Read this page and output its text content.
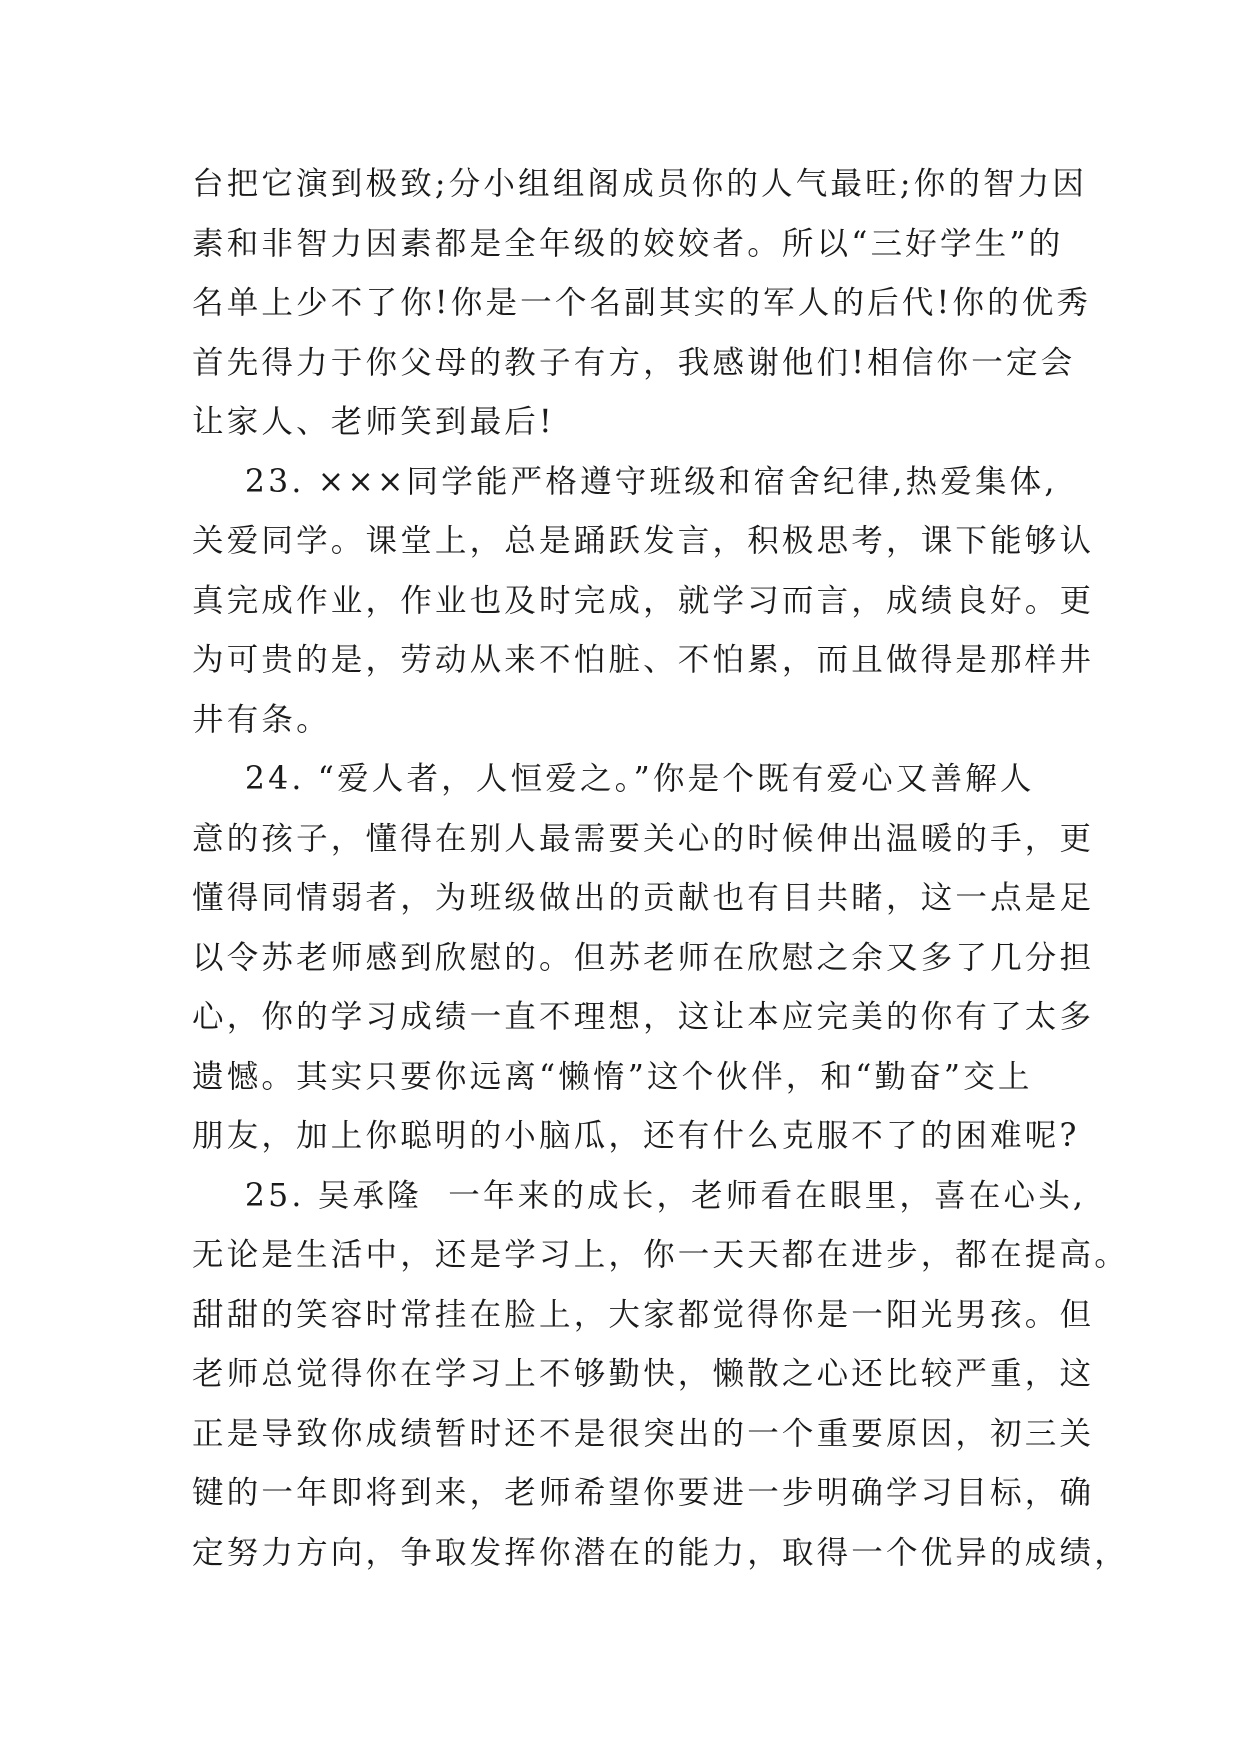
台把它演到极致;分小组组阁成员你的人气最旺;你的智力因
素和非智力因素都是全年级的姣姣者。所以“三好学生”的
名单上少不了你!你是一个名副其实的军人的后代!你的优秀
首先得力于你父母的教子有方，我感谢他们!相信你一定会
让家人、老师笑到最后!
23. ×××同学能严格遵守班级和宿舍纪律,热爱集体,
关爱同学。课堂上，总是踊跃发言，积极思考，课下能够认
真完成作业，作业也及时完成，就学习而言，成绩良好。更
为可贵的是，劳动从来不怕脏、不怕累，而且做得是那样井
井有条。
24. “爱人者，人恒爱之。”你是个既有爱心又善解人
意的孩子，懂得在别人最需要关心的时候伸出温暖的手，更
懂得同情弱者，为班级做出的贡献也有目共睹，这一点是足
以令苏老师感到欣慰的。但苏老师在欣慰之余又多了几分担
心，你的学习成绩一直不理想，这让本应完美的你有了太多
遗憾。其实只要你远离“懒惰”这个伙伴，和“勤奋”交上
朋友，加上你聪明的小脑瓜，还有什么克服不了的困难呢?
25. 吴承隆  一年来的成长，老师看在眼里，喜在心头,
无论是生活中，还是学习上，你一天天都在进步，都在提高。
甜甜的笑容时常挂在脸上，大家都觉得你是一阳光男孩。但
老师总觉得你在学习上不够勤快，懒散之心还比较严重，这
正是导致你成绩暂时还不是很突出的一个重要原因，初三关
键的一年即将到来，老师希望你要进一步明确学习目标，确
定努力方向，争取发挥你潜在的能力，取得一个优异的成绩，
